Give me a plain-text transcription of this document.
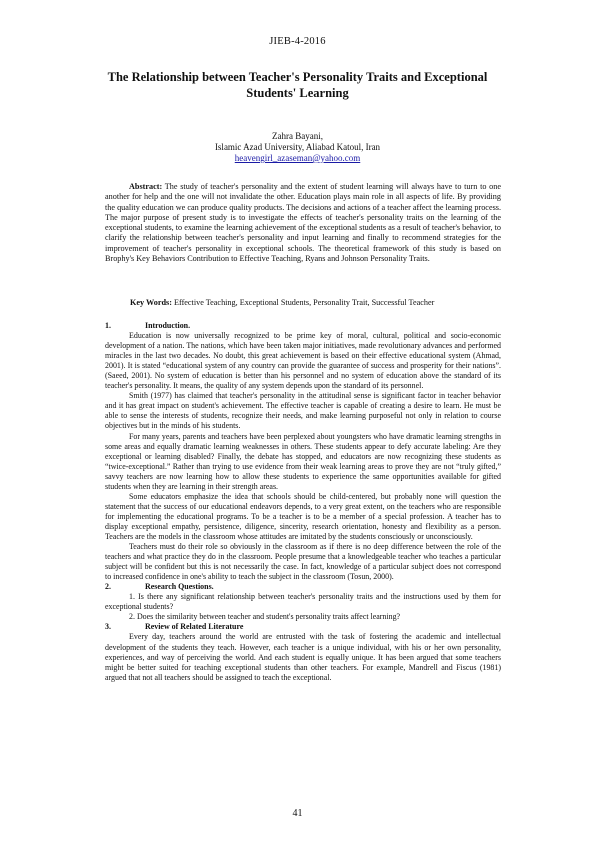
JIEB-4-2016
The Relationship between Teacher's Personality Traits and Exceptional Students' Learning
Zahra Bayani,
Islamic Azad University, Aliabad Katoul, Iran
heavengirl_azaseman@yahoo.com
Abstract: The study of teacher's personality and the extent of student learning will always have to turn to one another for help and the one will not invalidate the other. Education plays main role in all aspects of life. By providing the quality education we can produce quality products. The decisions and actions of a teacher affect the learning process. The major purpose of present study is to investigate the effects of teacher's personality traits on the learning of the exceptional students, to examine the learning achievement of the exceptional students as a result of teacher's behavior, to clarify the relationship between teacher's personality and input learning and finally to recommend strategies for the improvement of teacher's personality in exceptional schools. The theoretical framework of this study is based on Brophy's Key Behaviors Contribution to Effective Teaching, Ryans and Johnson Personality Traits.
Key Words: Effective Teaching, Exceptional Students, Personality Trait, Successful Teacher
1.	Introduction.

Education is now universally recognized to be prime key of moral, cultural, political and socio-economic development of a nation. The nations, which have been taken major initiatives, made revolutionary advances and performed miracles in the last two decades. No doubt, this great achievement is based on their effective educational system (Ahmad, 2001). It is stated “educational system of any country can provide the guarantee of success and prosperity for their nations”. (Saeed, 2001). No system of education is better than his personnel and no system of education above the standard of its teacher's personality. It means, the quality of any system depends upon the standard of its personnel.

Smith (1977) has claimed that teacher's personality in the attitudinal sense is significant factor in teacher behavior and it has great impact on student's achievement. The effective teacher is capable of creating a desire to learn. He must be able to sense the interests of students, recognize their needs, and make learning purposeful not only in relation to course objectives but in the minds of his students.

For many years, parents and teachers have been perplexed about youngsters who have dramatic learning strengths in some areas and equally dramatic learning weaknesses in others. These students appear to defy accurate labeling: Are they exceptional or learning disabled? Finally, the debate has stopped, and educators are now recognizing these students as “twice-exceptional.” Rather than trying to use evidence from their weak learning areas to prove they are not “truly gifted,” savvy teachers are now learning how to allow these students to experience the same opportunities available for gifted students when they are learning in their strength areas.

Some educators emphasize the idea that schools should be child-centered, but probably none will question the statement that the success of our educational endeavors depends, to a very great extent, on the teachers who are responsible for implementing the educational programs. To be a teacher is to be a member of a special profession. A teacher has to display exceptional empathy, persistence, diligence, sincerity, research orientation, honesty and flexibility as a person. Teachers are the models in the classroom whose attitudes are imitated by the students consciously or unconsciously.

Teachers must do their role so obviously in the classroom as if there is no deep difference between the role of the teachers and what practice they do in the classroom. People presume that a knowledgeable teacher who teaches a particular subject will be confident but this is not necessarily the case. In fact, knowledge of a particular subject does not correspond to increased confidence in one's ability to teach the subject in the classroom (Tosun, 2000).

2.	Research Questions.

1. Is there any significant relationship between teacher's personality traits and the instructions used by them for exceptional students?

2. Does the similarity between teacher and student's personality traits affect learning?

3.	Review of Related Literature

Every day, teachers around the world are entrusted with the task of fostering the academic and intellectual development of the students they teach. However, each teacher is a unique individual, with his or her own personality, experiences, and way of perceiving the world. And each student is equally unique. It has been argued that some teachers might be better suited for teaching exceptional students than other teachers. For example, Mandrell and Fiscus (1981) argued that not all teachers should be assigned to teach the exceptional.

41
